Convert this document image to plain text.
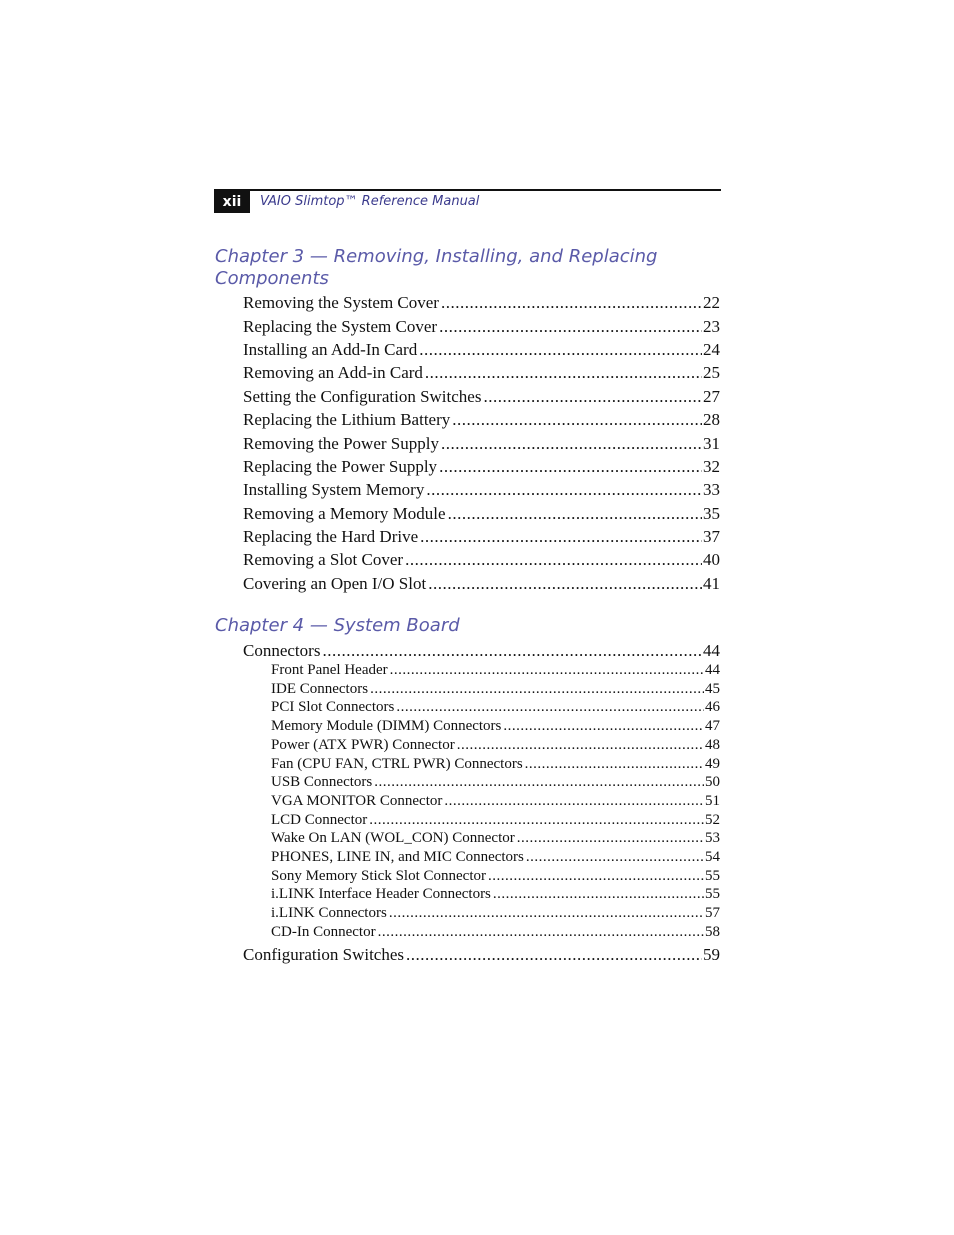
xii	VAIO Slimtop™ Reference Manual
Chapter 3 — Removing, Installing, and Replacing
Components
Chapter 4 — System Board
Removing the System Cover .....	22
Replacing the System Cover .....	23
Installing an Add-In Card .....	24
Removing an Add-in Card .....	25
Setting the Configuration Switches .....	27
Replacing the Lithium Battery .....	28
Removing the Power Supply .....	31
Replacing the Power Supply .....	32
Installing System Memory .....	33
Removing a Memory Module .....	35
Replacing the Hard Drive .....	37
Removing a Slot Cover .....	40
Covering an Open I/O Slot .....	41
Connectors .....	44
Front Panel Header .....	44
IDE Connectors .....	45
PCI Slot Connectors .....	46
Memory Module (DIMM) Connectors .....	47
Power (ATX PWR) Connector .....	48
Fan (CPU FAN, CTRL PWR) Connectors .....	49
USB Connectors .....	50
VGA MONITOR Connector .....	51
LCD Connector .....	52
Wake On LAN (WOL_CON) Connector .....	53
PHONES, LINE IN, and MIC Connectors .....	54
Sony Memory Stick Slot Connector .....	55
i.LINK Interface Header Connectors .....	55
i.LINK Connectors .....	57
CD-In Connector .....	58
Configuration Switches .....	59
